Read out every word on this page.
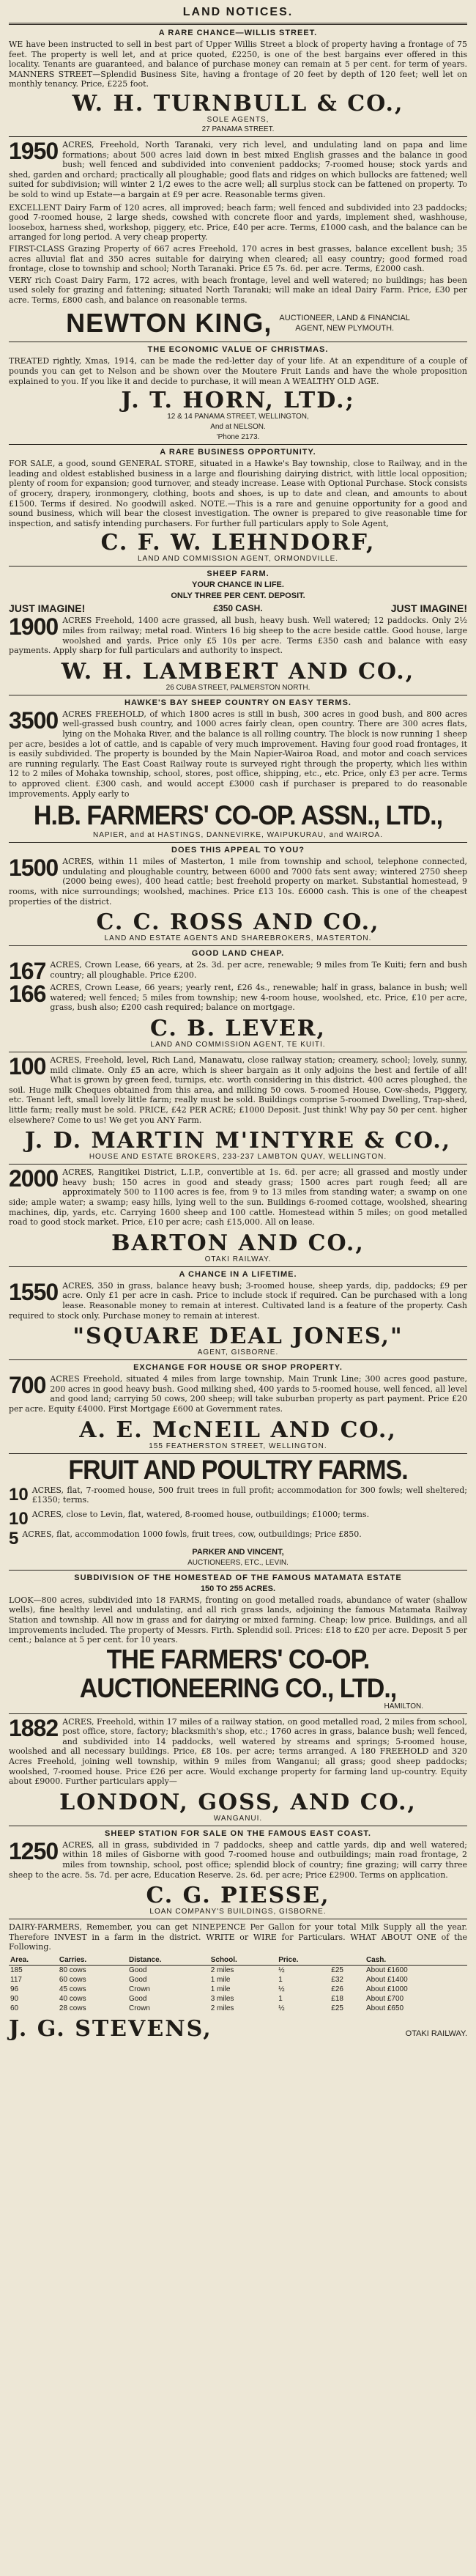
LAND NOTICES.
A RARE CHANCE—WILLIS STREET.

WE have been instructed to sell in best part of Upper Willis Street a block of property having a frontage of 75 feet. The property is well let, and at price quoted, £2250, is one of the best bargains ever offered in this locality. Tenants are guaranteed, and balance of purchase money can remain at 5 per cent. for term of years. MANNERS STREET—Splendid Business Site, having a frontage of 20 feet by depth of 120 feet; well let on monthly tenancy. Price, £225 foot.

W. H. TURNBULL & CO.,
SOLE AGENTS,
27 PANAMA STREET.

1950 ACRES, Freehold, North Taranaki, very rich level, and undulating land on papa and lime formations; about 500 acres laid down in best mixed English grasses and the balance in good bush; well fenced and subdivided into convenient paddocks; 7-roomed house; stock yards and shed, garden and orchard; practically all ploughable; good flats and ridges on which bullocks are fattened; well suited for subdivision; will winter 2 1/2 ewes to the acre well; all surplus stock can be fattened on property. To be sold to wind up Estate—a bargain at £9 per acre. Reasonable terms given.

EXCELLENT Dairy Farm of 120 acres, all improved; beach farm; well fenced and subdivided into 23 paddocks; good 7-roomed house, 2 large sheds, cowshed with concrete floor and yards, implement shed, washhouse, loosebox, harness shed, workshop, piggery, etc. Price, £40 per acre. Terms, £1000 cash, and the balance can be arranged for long period. A very cheap property.

FIRST-CLASS Grazing Property of 667 acres Freehold, 170 acres in best grasses, balance excellent bush; 35 acres alluvial flat and 350 acres suitable for dairying when cleared; all easy country; good formed road frontage, close to township and school; North Taranaki. Price £5 7s. 6d. per acre. Terms, £2000 cash.

VERY rich Coast Dairy Farm, 172 acres, with beach frontage, level and well watered; no buildings; has been used solely for grazing and fattening; situated North Taranaki; will make an ideal Dairy Farm. Price, £30 per acre. Terms, £800 cash, and balance on reasonable terms.

NEWTON KING, AUCTIONEER, LAND & FINANCIAL
AGENT, NEW PLYMOUTH.
THE ECONOMIC VALUE OF CHRISTMAS.

TREATED rightly, Xmas, 1914, can be made the red-letter day of your life. At an expenditure of a couple of pounds you can get to Nelson and be shown over the Moutere Fruit Lands and have the whole proposition explained to you. If you like it and decide to purchase, it will mean A WEALTHY OLD AGE.

J. T. HORN, LTD.;
12 & 14 PANAMA STREET, WELLINGTON,
And at NELSON.
'Phone 2173.
A RARE BUSINESS OPPORTUNITY.

FOR SALE, a good, sound GENERAL STORE, situated in a Hawke's Bay township, close to Railway, and in the leading and oldest established business in a large and flourishing dairying district, with little local opposition; plenty of room for expansion; good turnover, and steady increase. Lease with Optional Purchase. Stock consists of grocery, drapery, ironmongery, clothing, boots and shoes, is up to date and clean, and amounts to about £1500. Terms if desired. No goodwill asked. NOTE.—This is a rare and genuine opportunity for a good and sound business, which will bear the closest investigation. The owner is prepared to give reasonable time for inspection, and satisfy intending purchasers. For further full particulars apply to Sole Agent,

C. F. W. LEHNDORF,
LAND AND COMMISSION AGENT, ORMONDVILLE.
SHEEP FARM.
YOUR CHANCE IN LIFE.
ONLY THREE PER CENT. DEPOSIT.
JUST IMAGINE!	£350 CASH.	JUST IMAGINE!

1900 ACRES Freehold, 1400 acre grassed, all bush, heavy bush. Well watered; 12 paddocks. Only 2½ miles from railway; metal road. Winters 16 big sheep to the acre beside cattle. Good house, large woolshed and yards. Price only £5 10s per acre. Terms £350 cash and balance with easy payments. Apply sharp for full particulars and authority to inspect.

W. H. LAMBERT AND CO.,
26 CUBA STREET, PALMERSTON NORTH.
HAWKE'S BAY SHEEP COUNTRY ON EASY TERMS.

3500 ACRES FREEHOLD, of which 1800 acres is still in bush, 300 acres in good bush, and 800 acres well-grassed bush country, and 1000 acres fairly clean, open country. There are 300 acres flats, lying on the Mohaka River, and the balance is all rolling country. The block is now running 1 sheep per acre, besides a lot of cattle, and is capable of very much improvement. Having four good road frontages, it is easily subdivided. The property is bounded by the Main Napier-Wairoa Road, and motor and coach services are running regularly. The East Coast Railway route is surveyed right through the property, which lies within 12 to 2 miles of Mohaka township, school, stores, post office, shipping, etc., etc. Price, only £3 per acre. Terms to approved client. £300 cash, and would accept £3000 cash if purchaser is prepared to do reasonable improvements. Apply early to

H.B. FARMERS' CO-OP. ASSN., LTD.,
NAPIER, and at HASTINGS, DANNEVIRKE, WAIPUKURAU, and WAIROA.
DOES THIS APPEAL TO YOU?

1500 ACRES, within 11 miles of Masterton, 1 mile from township and school, telephone connected, undulating and ploughable country, between 6000 and 7000 fats sent away; wintered 2750 sheep (2000 being ewes), 400 head cattle; best freehold property on market. Substantial homestead, 9 rooms, with nice surroundings; woolshed, machines. Price £13 10s. £6000 cash. This is one of the cheapest properties of the district.

C. C. ROSS AND CO.,
LAND AND ESTATE AGENTS AND SHAREBROKERS, MASTERTON.
GOOD LAND CHEAP.

167 ACRES, Crown Lease, 66 years, at 2s. 3d. per acre, renewable; 9 miles from Te Kuiti; fern and bush country; all ploughable. Price £200.

166 ACRES, Crown Lease, 66 years; yearly rent, £26 4s., renewable; half in grass, balance in bush; well watered; well fenced; 5 miles from township; new 4-room house, woolshed, etc. Price, £10 per acre, grass, bush also; £200 cash required; balance on mortgage.

C. B. LEVER,
LAND AND COMMISSION AGENT, TE KUITI.

100 ACRES, Freehold, level, Rich Land, Manawatu, close railway station; creamery, school; lovely, sunny, mild climate. Only £5 an acre, which is sheer bargain as it only adjoins the best and fertile of all! What is grown by green feed, turnips, etc. worth considering in this district. 400 acres ploughed, the soil. Huge milk Cheques obtained from this area, and milking 50 cows. 5-roomed House, Cow-sheds, Piggery, etc. Tenant left, small lovely little farm; really must be sold. Buildings comprise 5-roomed Dwelling, Trap-shed, little farm; really must be sold. PRICE, £42 PER ACRE; £1000 Deposit. Just think! Why pay 50 per cent. higher elsewhere? Come to us! We get you ANY Farm.

J. D. MARTIN M'INTYRE & CO.,
HOUSE AND ESTATE BROKERS, 233-237 LAMBTON QUAY, WELLINGTON.

2000 ACRES, Rangitikei District, L.I.P., convertible at 1s. 6d. per acre; all grassed and mostly under heavy bush; 150 acres in good and steady grass; 1500 acres part rough feed; all are approximately 500 to 1100 acres is fee, from 9 to 13 miles from standing water; a swamp on one side; ample water; a swamp; easy hills, lying well to the sun. Buildings 6-roomed cottage, woolshed, shearing machines, dip, yards, etc. Carrying 1600 sheep and 100 cattle. Homestead within 5 miles; on good metalled road to good stock market. Price, £10 per acre; cash £15,000. All on lease.

BARTON AND CO.,
OTAKI RAILWAY.
A CHANCE IN A LIFETIME.

1550 ACRES, 350 in grass, balance heavy bush; 3-roomed house, sheep yards, dip, paddocks; £9 per acre. Only £1 per acre in cash. Price to include stock if required. Can be purchased with a long lease. Reasonable money to remain at interest. Cultivated land is a feature of the property. Cash required to stock only. Purchase money to remain at interest.

"SQUARE DEAL JONES,"
AGENT, GISBORNE.
EXCHANGE FOR HOUSE OR SHOP PROPERTY.

700 ACRES Freehold, situated 4 miles from large township, Main Trunk Line; 300 acres good pasture, 200 acres in good heavy bush. Good milking shed, 400 yards to 5-roomed house, well fenced, all level and good land; carrying 50 cows, 200 sheep; will take suburban property as part payment. Price £20 per acre. Equity £4000. First Mortgage £600 at Government rates.

A. E. McNEIL AND CO.,
155 FEATHERSTON STREET, WELLINGTON.
FRUIT AND POULTRY FARMS.

10 ACRES, flat, 7-roomed house, 500 fruit trees in full profit; accommodation for 300 fowls; well sheltered; £1350; terms.

10 ACRES, close to Levin, flat, watered, 8-roomed house, outbuildings; £1000; terms.

5 ACRES, flat, accommodation 1000 fowls, fruit trees, cow, outbuildings; Price £850.

PARKER AND VINCENT,
AUCTIONEERS, ETC., LEVIN.
SUBDIVISION OF THE HOMESTEAD OF THE FAMOUS MATAMATA ESTATE
150 TO 255 ACRES.

LOOK—800 acres, subdivided into 18 FARMS, fronting on good metalled roads, abundance of water (shallow wells), fine healthy level and undulating, and all rich grass lands, adjoining the famous Matamata Railway Station and township. All now in grass and for dairying or mixed farming. Cheap; low price. Buildings, and all improvements included. The property of Messrs. Firth. Splendid soil. Prices: £18 to £20 per acre. Deposit 5 per cent.; balance at 5 per cent. for 10 years.

THE FARMERS' CO-OP. AUCTIONEERING CO., LTD.,
HAMILTON.

1882 ACRES, Freehold, within 17 miles of a railway station, on good metalled road, 2 miles from school, post office, store, factory; blacksmith's shop, etc.; 1760 acres in grass, balance bush; well fenced, and subdivided into 14 paddocks, well watered by streams and springs; 5-roomed house, woolshed and all necessary buildings. Price, £8 10s. per acre; terms arranged. A 180 FREEHOLD and 320 Acres Freehold, joining well township, within 9 miles from Wanganui; all grass; good sheep paddocks; woolshed, 7-roomed house. Price £26 per acre. Would exchange property for farming land up-country. Equity about £9000. Further particulars apply—

LONDON, GOSS, AND CO.,
WANGANUI.
SHEEP STATION FOR SALE ON THE FAMOUS EAST COAST.

1250 ACRES, all in grass, subdivided in 7 paddocks, sheep and cattle yards, dip and well watered; within 18 miles of Gisborne with good 7-roomed house and outbuildings; main road frontage, 2 miles from township, school, post office; splendid block of country; fine grazing; will carry three sheep to the acre. 5s. 7d. per acre, Education Reserve. 2s. 6d. per acre; Price £2900. Terms on application.

C. G. PIESSE,
LOAN COMPANY'S BUILDINGS, GISBORNE.

DAIRY-FARMERS, Remember, you can get NINEPENCE Per Gallon for your total Milk Supply all the year. Therefore INVEST in a farm in the district. WRITE or WIRE for Particulars. WHAT ABOUT ONE of the Following.

Area.	Carries.	Distance.	School.	Price.		Cash.
185	80 cows	Good	2 miles	½	£25	About £1600
117	60 cows	Good	1 mile	1	£32	About £1400
96	45 cows	Crown	1 mile	½	£26	About £1000
90	40 cows	Good	3 miles	1	£18	About £700
60	28 cows	Crown	2 miles	½	£25	About £650
J. G. STEVENS,	OTAKI RAILWAY.
